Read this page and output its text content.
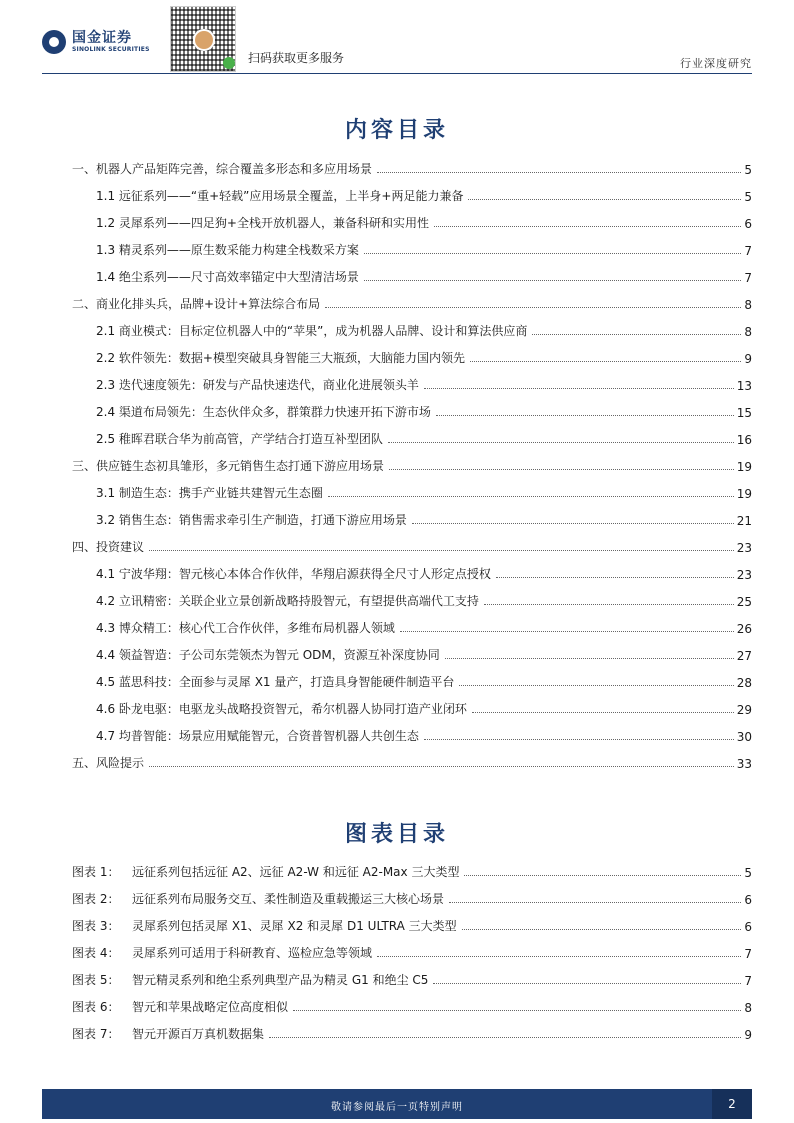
国金证券
SINOLINK SECURITIES
扫码获取更多服务	行业深度研究
内容目录
一、机器人产品矩阵完善，综合覆盖多形态和多应用场景	5
1.1 远征系列——“重+轻载”应用场景全覆盖，上半身+两足能力兼备	5
1.2 灵犀系列——四足狗+全栈开放机器人，兼备科研和实用性	6
1.3 精灵系列——原生数采能力构建全栈数采方案	7
1.4 绝尘系列——尺寸高效率锚定中大型清洁场景	7
二、商业化排头兵，品牌+设计+算法综合布局	8
2.1 商业模式：目标定位机器人中的“苹果”，成为机器人品牌、设计和算法供应商	8
2.2 软件领先：数据+模型突破具身智能三大瓶颈，大脑能力国内领先	9
2.3 迭代速度领先：研发与产品快速迭代，商业化进展领头羊	13
2.4 渠道布局领先：生态伙伴众多，群策群力快速开拓下游市场	15
2.5 稚晖君联合华为前高管，产学结合打造互补型团队	16
三、供应链生态初具雏形，多元销售生态打通下游应用场景	19
3.1 制造生态：携手产业链共建智元生态圈	19
3.2 销售生态：销售需求牵引生产制造，打通下游应用场景	21
四、投资建议	23
4.1 宁波华翔：智元核心本体合作伙伴，华翔启源获得全尺寸人形定点授权	23
4.2 立讯精密：关联企业立景创新战略持股智元，有望提供高端代工支持	25
4.3 博众精工：核心代工合作伙伴，多维布局机器人领域	26
4.4 领益智造：子公司东莞领杰为智元 ODM，资源互补深度协同	27
4.5 蓝思科技：全面参与灵犀 X1 量产，打造具身智能硬件制造平台	28
4.6 卧龙电驱：电驱龙头战略投资智元，希尔机器人协同打造产业闭环	29
4.7 均普智能：场景应用赋能智元，合资普智机器人共创生态	30
五、风险提示	33
图表目录
图表 1：	远征系列包括远征 A2、远征 A2-W 和远征 A2-Max 三大类型	5
图表 2：	远征系列布局服务交互、柔性制造及重载搬运三大核心场景	6
图表 3：	灵犀系列包括灵犀 X1、灵犀 X2 和灵犀 D1 ULTRA 三大类型	6
图表 4：	灵犀系列可适用于科研教育、巡检应急等领域	7
图表 5：	智元精灵系列和绝尘系列典型产品为精灵 G1 和绝尘 C5	7
图表 6：	智元和苹果战略定位高度相似	8
图表 7：	智元开源百万真机数据集	9
敬请参阅最后一页特别声明	2
